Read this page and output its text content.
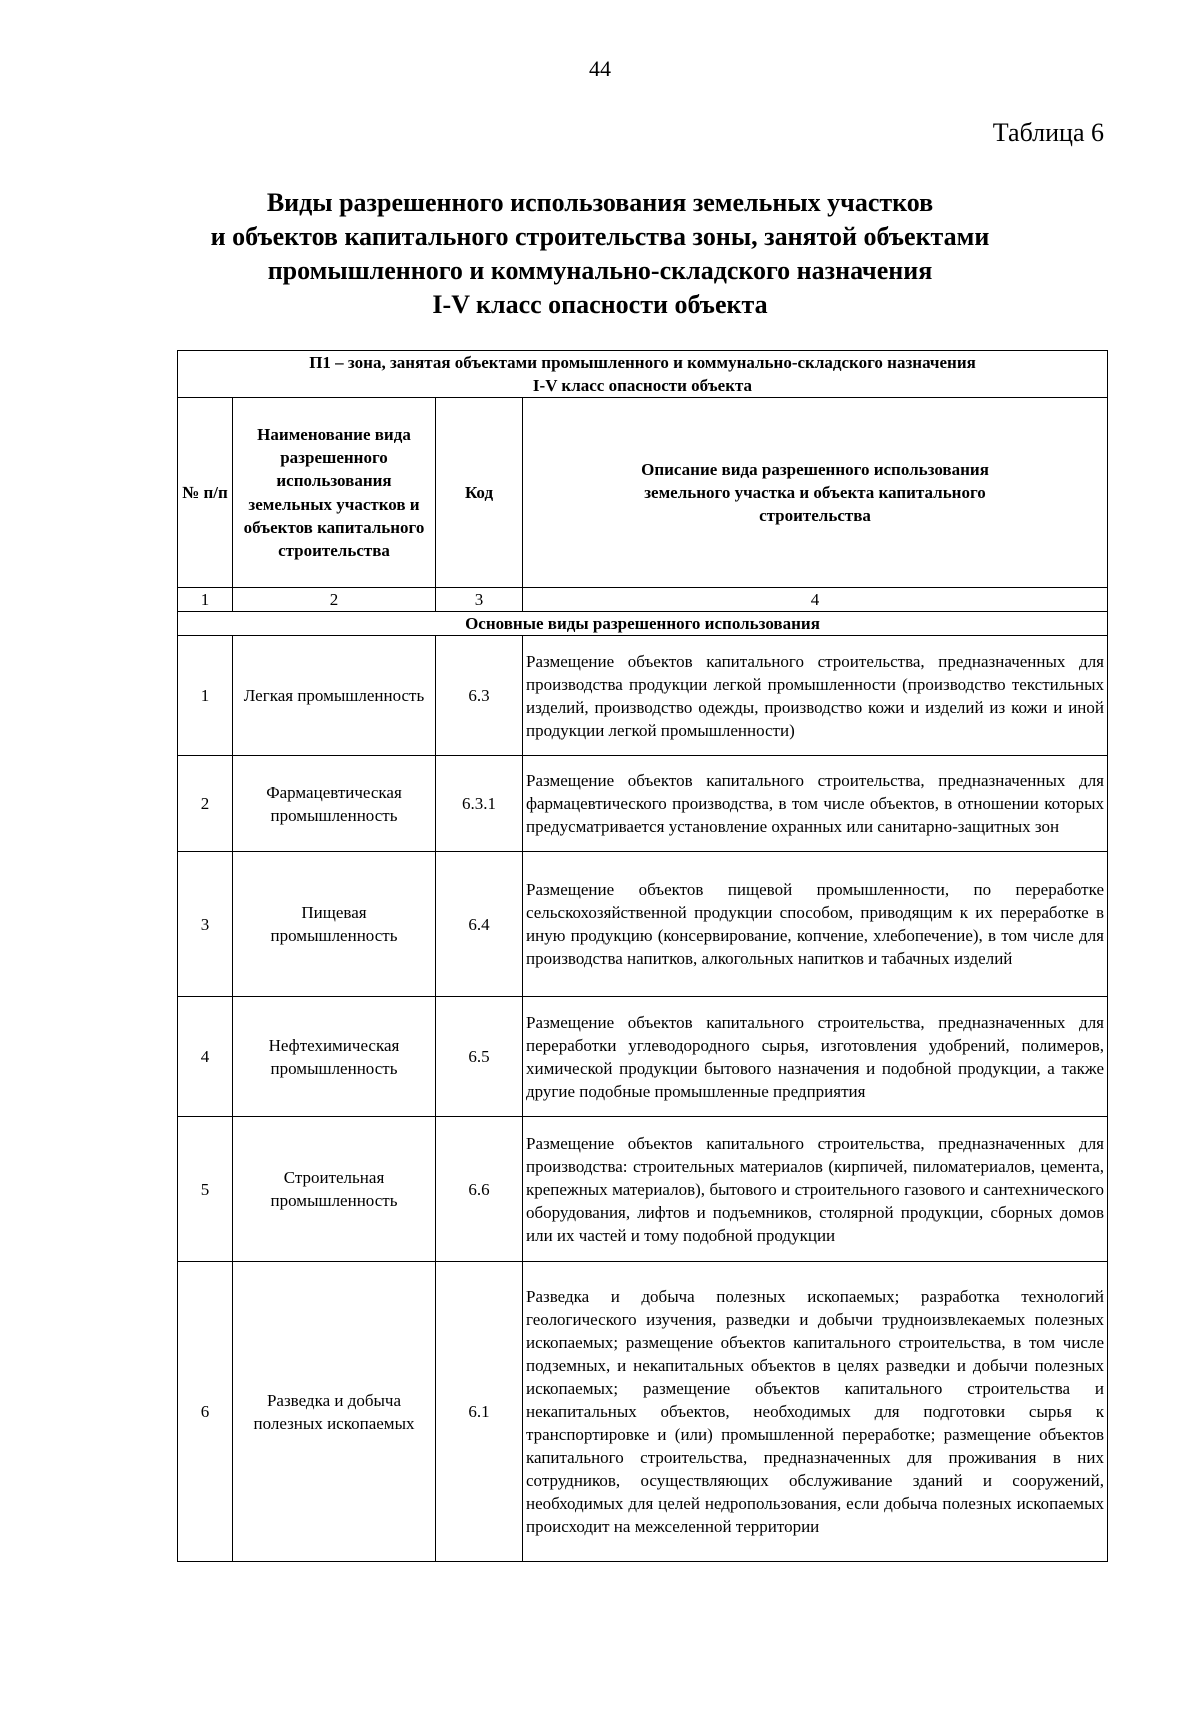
44
Таблица 6
Виды разрешенного использования земельных участков
и объектов капитального строительства зоны, занятой объектами
промышленного и коммунально-складского назначения
I-V класс опасности объекта
П1 – зона, занятая объектами промышленного и коммунально-складского назначения
I-V класс опасности объекта			

№ п/п	Наименование вида разрешенного использования земельных участков и объектов капитального строительства	Код	Описание вида разрешенного использования земельного участка и объекта капитального строительства
1	2	3	4
Основные виды разрешенного использования			
1	Легкая промышленность	6.3	Размещение объектов капитального строительства, предназначенных для производства продукции легкой промышленности (производство текстильных изделий, производство одежды, производство кожи и изделий из кожи и иной продукции легкой промышленности)

2	Фармацевтическая промышленность	6.3.1	Размещение объектов капитального строительства, предназначенных для фармацевтического производства, в том числе объектов, в отношении которых предусматривается установление охранных или санитарно-защитных зон

3	Пищевая промышленность	6.4	Размещение объектов пищевой промышленности, по переработке сельскохозяйственной продукции способом, приводящим к их переработке в иную продукцию (консервирование, копчение, хлебопечение), в том числе для производства напитков, алкогольных напитков и табачных изделий

4	Нефтехимическая промышленность	6.5	Размещение объектов капитального строительства, предназначенных для переработки углеводородного сырья, изготовления удобрений, полимеров, химической продукции бытового назначения и подобной продукции, а также другие подобные промышленные предприятия

5	Строительная промышленность	6.6	Размещение объектов капитального строительства, предназначенных для производства: строительных материалов (кирпичей, пиломатериалов, цемента, крепежных материалов), бытового и строительного газового и сантехнического оборудования, лифтов и подъемников, столярной продукции, сборных домов или их частей и тому подобной продукции

6	Разведка и добыча полезных ископаемых	6.1	Разведка и добыча полезных ископаемых; разработка технологий геологического изучения, разведки и добычи трудноизвлекаемых полезных ископаемых; размещение объектов капитального строительства, в том числе подземных, и некапитальных объектов в целях разведки и добычи полезных ископаемых; размещение объектов капитального строительства и некапитальных объектов, необходимых для подготовки сырья к транспортировке и (или) промышленной переработке; размещение объектов капитального строительства, предназначенных для проживания в них сотрудников, осуществляющих обслуживание зданий и сооружений, необходимых для целей недропользования, если добыча полезных ископаемых происходит на межселенной территории
